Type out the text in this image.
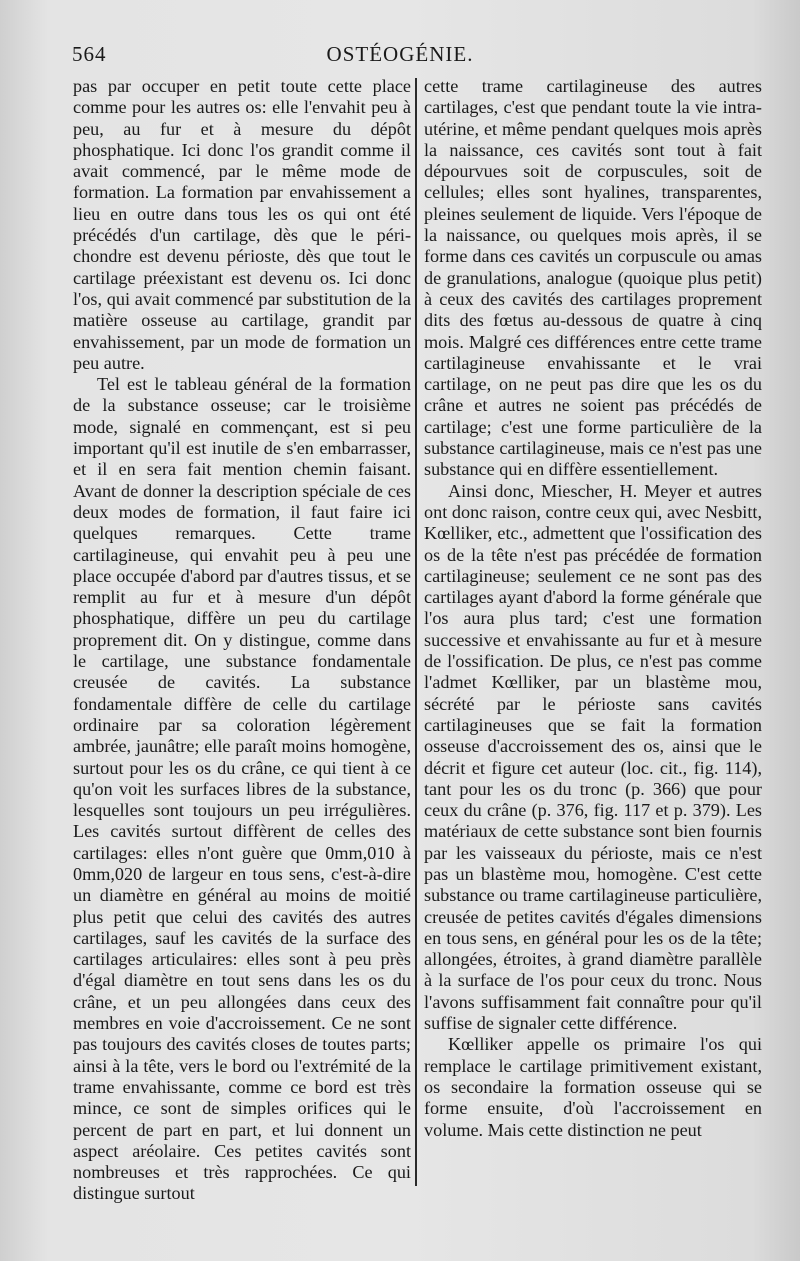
564	OSTÉOGÉNIE.

pas par occuper en petit toute cette place comme pour les autres os: elle l'envahit peu à peu, au fur et à mesure du dépôt phosphatique. Ici donc l'os grandit comme il avait commencé, par le même mode de formation. La formation par envahissement a lieu en outre dans tous les os qui ont été précédés d'un cartilage, dès que le péri-chondre est devenu périoste, dès que tout le cartilage préexistant est devenu os. Ici donc l'os, qui avait commencé par substitution de la matière osseuse au cartilage, grandit par envahissement, par un mode de formation un peu autre.

Tel est le tableau général de la formation de la substance osseuse; car le troisième mode, signalé en commençant, est si peu important qu'il est inutile de s'en embarrasser, et il en sera fait mention chemin faisant. Avant de donner la description spéciale de ces deux modes de formation, il faut faire ici quelques remarques. Cette trame cartilagineuse, qui envahit peu à peu une place occupée d'abord par d'autres tissus, et se remplit au fur et à mesure d'un dépôt phosphatique, diffère un peu du cartilage proprement dit. On y distingue, comme dans le cartilage, une substance fondamentale creusée de cavités. La substance fondamentale diffère de celle du cartilage ordinaire par sa coloration légèrement ambrée, jaunâtre; elle paraît moins homogène, surtout pour les os du crâne, ce qui tient à ce qu'on voit les surfaces libres de la substance, lesquelles sont toujours un peu irrégulières. Les cavités surtout diffèrent de celles des cartilages: elles n'ont guère que 0mm,010 à 0mm,020 de largeur en tous sens, c'est-à-dire un diamètre en général au moins de moitié plus petit que celui des cavités des autres cartilages, sauf les cavités de la surface des cartilages articulaires: elles sont à peu près d'égal diamètre en tout sens dans les os du crâne, et un peu allongées dans ceux des membres en voie d'accroissement. Ce ne sont pas toujours des cavités closes de toutes parts; ainsi à la tête, vers le bord ou l'extrémité de la trame envahissante, comme ce bord est très mince, ce sont de simples orifices qui le percent de part en part, et lui donnent un aspect aréolaire. Ces petites cavités sont nombreuses et très rapprochées. Ce qui distingue surtout

cette trame cartilagineuse des autres cartilages, c'est que pendant toute la vie intra-utérine, et même pendant quelques mois après la naissance, ces cavités sont tout à fait dépourvues soit de corpuscules, soit de cellules; elles sont hyalines, transparentes, pleines seulement de liquide. Vers l'époque de la naissance, ou quelques mois après, il se forme dans ces cavités un corpuscule ou amas de granulations, analogue (quoique plus petit) à ceux des cavités des cartilages proprement dits des fœtus au-dessous de quatre à cinq mois. Malgré ces différences entre cette trame cartilagineuse envahissante et le vrai cartilage, on ne peut pas dire que les os du crâne et autres ne soient pas précédés de cartilage; c'est une forme particulière de la substance cartilagineuse, mais ce n'est pas une substance qui en diffère essentiellement.

Ainsi donc, Miescher, H. Meyer et autres ont donc raison, contre ceux qui, avec Nesbitt, Kœlliker, etc., admettent que l'ossification des os de la tête n'est pas précédée de formation cartilagineuse; seulement ce ne sont pas des cartilages ayant d'abord la forme générale que l'os aura plus tard; c'est une formation successive et envahissante au fur et à mesure de l'ossification. De plus, ce n'est pas comme l'admet Kœlliker, par un blastème mou, sécrété par le périoste sans cavités cartilagineuses que se fait la formation osseuse d'accroissement des os, ainsi que le décrit et figure cet auteur (loc. cit., fig. 114), tant pour les os du tronc (p. 366) que pour ceux du crâne (p. 376, fig. 117 et p. 379). Les matériaux de cette substance sont bien fournis par les vaisseaux du périoste, mais ce n'est pas un blastème mou, homogène. C'est cette substance ou trame cartilagineuse particulière, creusée de petites cavités d'égales dimensions en tous sens, en général pour les os de la tête; allongées, étroites, à grand diamètre parallèle à la surface de l'os pour ceux du tronc. Nous l'avons suffisamment fait connaître pour qu'il suffise de signaler cette différence.

Kœlliker appelle os primaire l'os qui remplace le cartilage primitivement existant, os secondaire la formation osseuse qui se forme ensuite, d'où l'accroissement en volume. Mais cette distinction ne peut
